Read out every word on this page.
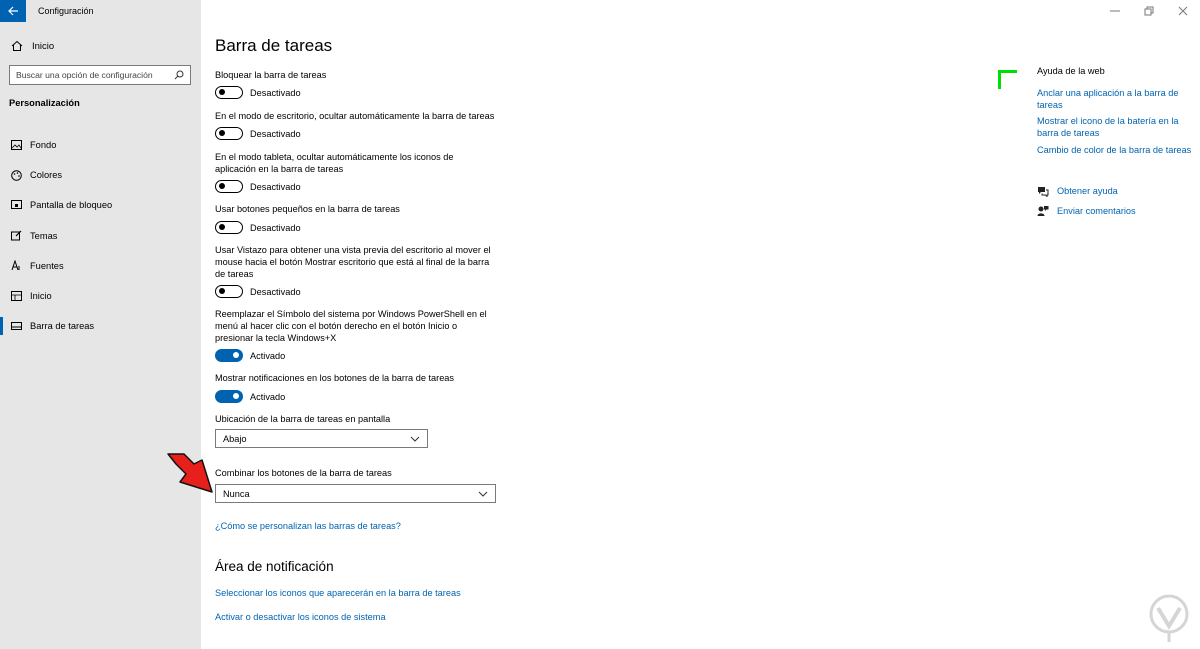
Configuración
Inicio
Buscar una opción de configuración
Personalización
Fondo
Colores
Pantalla de bloqueo
Temas
Fuentes
Inicio
Barra de tareas
Barra de tareas
Bloquear la barra de tareas
Desactivado
En el modo de escritorio, ocultar automáticamente la barra de tareas
Desactivado
En el modo tableta, ocultar automáticamente los iconos de aplicación en la barra de tareas
Desactivado
Usar botones pequeños en la barra de tareas
Desactivado
Usar Vistazo para obtener una vista previa del escritorio al mover el mouse hacia el botón Mostrar escritorio que está al final de la barra de tareas
Desactivado
Reemplazar el Símbolo del sistema por Windows PowerShell en el menú al hacer clic con el botón derecho en el botón Inicio o presionar la tecla Windows+X
Activado
Mostrar notificaciones en los botones de la barra de tareas
Activado
Ubicación de la barra de tareas en pantalla
Abajo
Combinar los botones de la barra de tareas
Nunca
¿Cómo se personalizan las barras de tareas?
Área de notificación
Seleccionar los iconos que aparecerán en la barra de tareas
Activar o desactivar los iconos de sistema
Ayuda de la web
Anclar una aplicación a la barra de tareas
Mostrar el icono de la batería en la barra de tareas
Cambio de color de la barra de tareas
Obtener ayuda
Enviar comentarios
